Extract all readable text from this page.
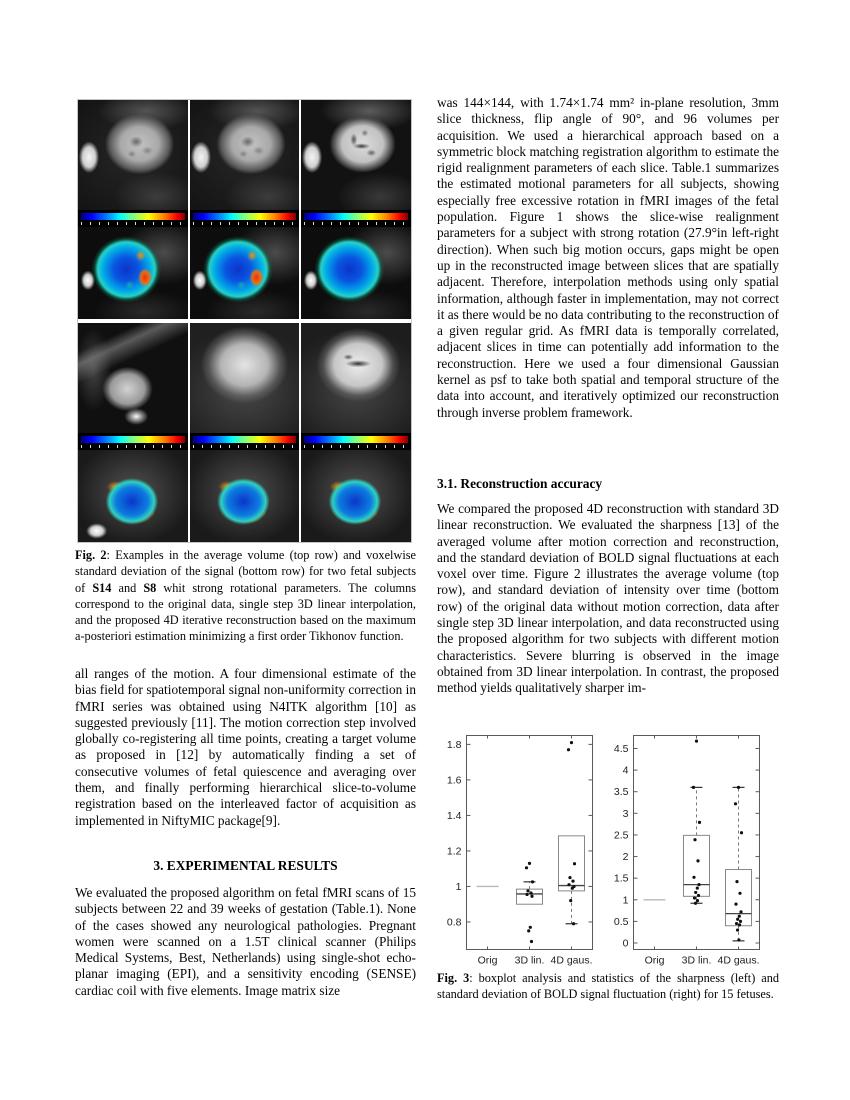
Fig. 2: Examples in the average volume (top row) and voxelwise standard deviation of the signal (bottom row) for two fetal subjects of S14 and S8 whit strong rotational parameters. The columns correspond to the original data, single step 3D linear interpolation, and the proposed 4D iterative reconstruction based on the maximum a-posteriori estimation minimizing a first order Tikhonov function.

all ranges of the motion. A four dimensional estimate of the bias field for spatiotemporal signal non-uniformity correction in fMRI series was obtained using N4ITK algorithm [10] as suggested previously [11]. The motion correction step involved globally co-registering all time points, creating a target volume as proposed in [12] by automatically finding a set of consecutive volumes of fetal quiescence and averaging over them, and finally performing hierarchical slice-to-volume registration based on the interleaved factor of acquisition as implemented in NiftyMIC package[9].
3. EXPERIMENTAL RESULTS
We evaluated the proposed algorithm on fetal fMRI scans of 15 subjects between 22 and 39 weeks of gestation (Table.1). None of the cases showed any neurological pathologies. Pregnant women were scanned on a 1.5T clinical scanner (Philips Medical Systems, Best, Netherlands) using single-shot echo-planar imaging (EPI), and a sensitivity encoding (SENSE) cardiac coil with five elements. Image matrix size
was 144×144, with 1.74×1.74 mm² in-plane resolution, 3mm slice thickness, flip angle of 90°, and 96 volumes per acquisition. We used a hierarchical approach based on a symmetric block matching registration algorithm to estimate the rigid realignment parameters of each slice. Table.1 summarizes the estimated motional parameters for all subjects, showing especially free excessive rotation in fMRI images of the fetal population. Figure 1 shows the slice-wise realignment parameters for a subject with strong rotation (27.9°in left-right direction). When such big motion occurs, gaps might be open up in the reconstructed image between slices that are spatially adjacent. Therefore, interpolation methods using only spatial information, although faster in implementation, may not correct it as there would be no data contributing to the reconstruction of a given regular grid. As fMRI data is temporally correlated, adjacent slices in time can potentially add information to the reconstruction. Here we used a four dimensional Gaussian kernel as psf to take both spatial and temporal structure of the data into account, and iteratively optimized our reconstruction through inverse problem framework.
3.1. Reconstruction accuracy
We compared the proposed 4D reconstruction with standard 3D linear reconstruction. We evaluated the sharpness [13] of the averaged volume after motion correction and reconstruction, and the standard deviation of BOLD signal fluctuations at each voxel over time. Figure 2 illustrates the average volume (top row), and standard deviation of intensity over time (bottom row) of the original data without motion correction, data after single step 3D linear interpolation, and data reconstructed using the proposed algorithm for two subjects with different motion characteristics. Severe blurring is observed in the image obtained from 3D linear interpolation. In contrast, the proposed method yields qualitatively sharper im-
0.8
1
1.2
1.4
1.6
1.8
Orig 3D lin. 4D gaus.
0
0.5
1
1.5
2
2.5
3
3.5
4
4.5
Orig 3D lin. 4D gaus.

Fig. 3: boxplot analysis and statistics of the sharpness (left) and standard deviation of BOLD signal fluctuation (right) for 15 fetuses.
